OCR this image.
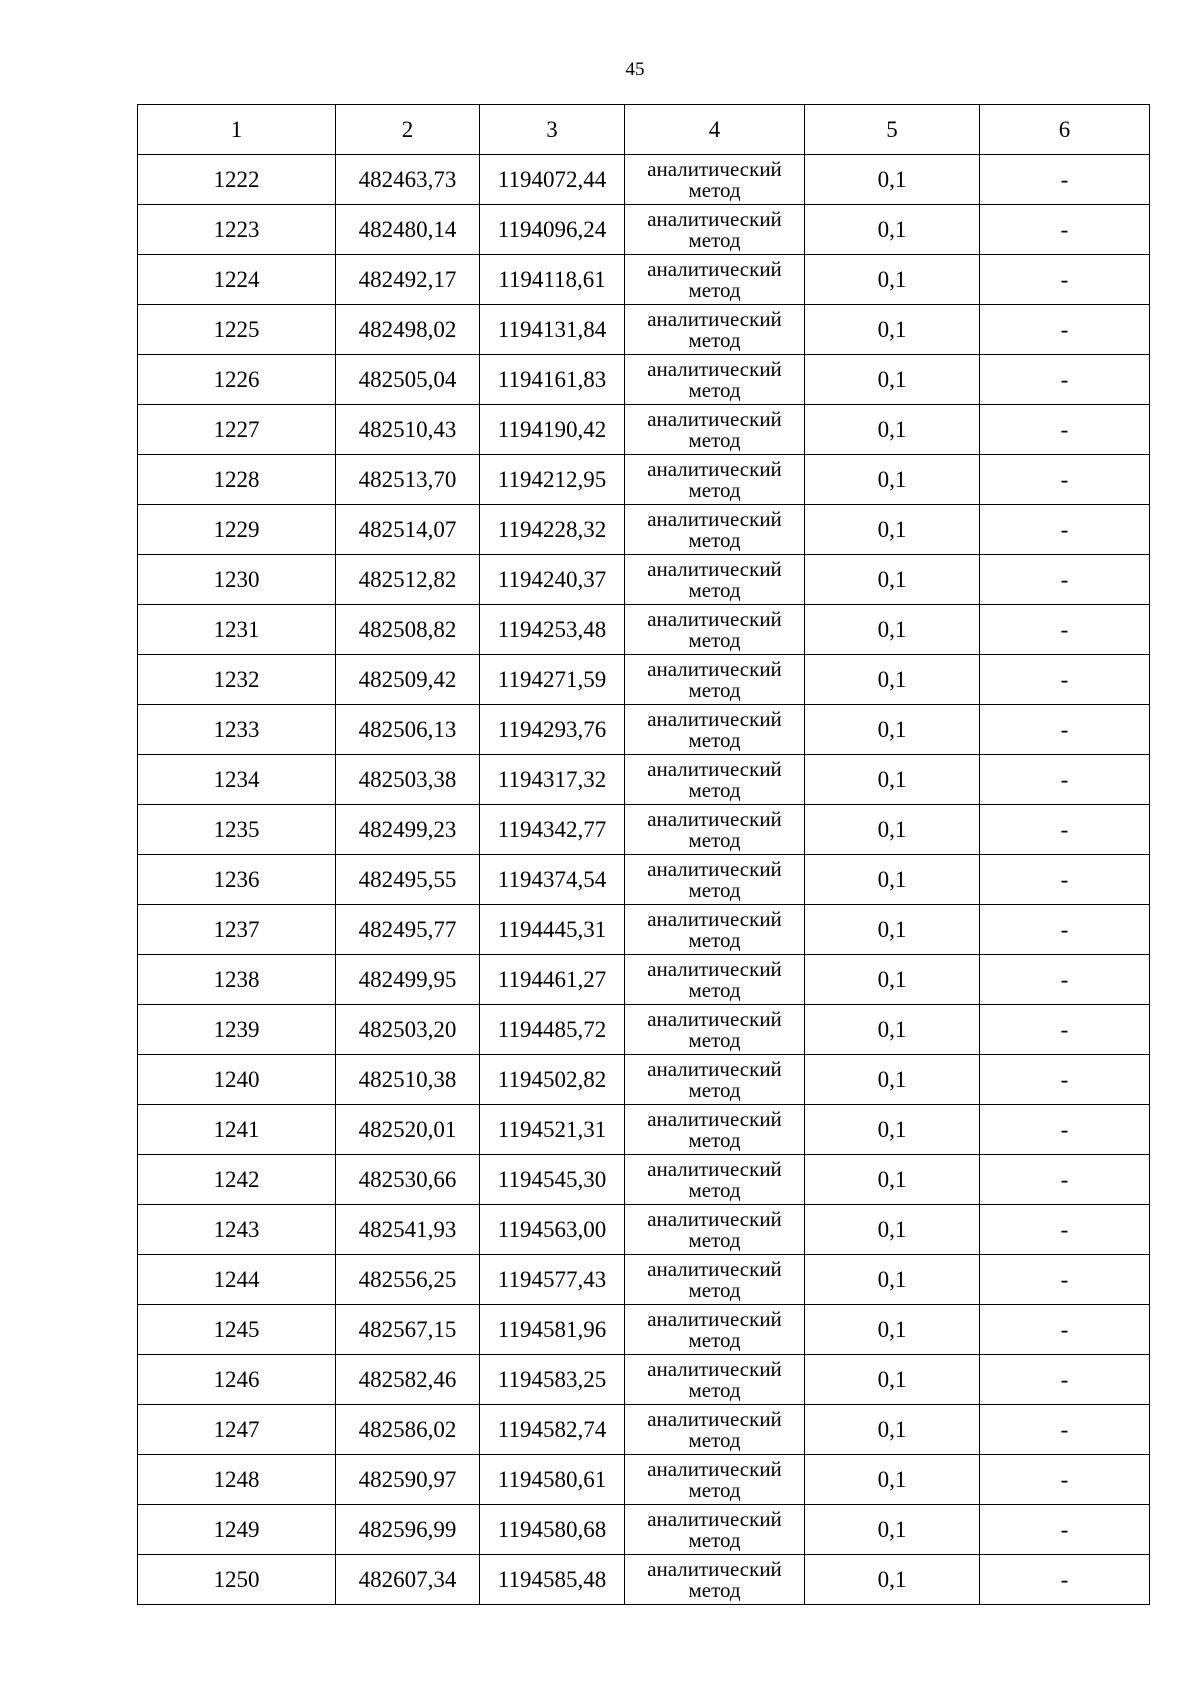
45
1	2	3	4	5	6
1222	482463,73	1194072,44	аналитический метод	0,1	-
1223	482480,14	1194096,24	аналитический метод	0,1	-
1224	482492,17	1194118,61	аналитический метод	0,1	-
1225	482498,02	1194131,84	аналитический метод	0,1	-
1226	482505,04	1194161,83	аналитический метод	0,1	-
1227	482510,43	1194190,42	аналитический метод	0,1	-
1228	482513,70	1194212,95	аналитический метод	0,1	-
1229	482514,07	1194228,32	аналитический метод	0,1	-
1230	482512,82	1194240,37	аналитический метод	0,1	-
1231	482508,82	1194253,48	аналитический метод	0,1	-
1232	482509,42	1194271,59	аналитический метод	0,1	-
1233	482506,13	1194293,76	аналитический метод	0,1	-
1234	482503,38	1194317,32	аналитический метод	0,1	-
1235	482499,23	1194342,77	аналитический метод	0,1	-
1236	482495,55	1194374,54	аналитический метод	0,1	-
1237	482495,77	1194445,31	аналитический метод	0,1	-
1238	482499,95	1194461,27	аналитический метод	0,1	-
1239	482503,20	1194485,72	аналитический метод	0,1	-
1240	482510,38	1194502,82	аналитический метод	0,1	-
1241	482520,01	1194521,31	аналитический метод	0,1	-
1242	482530,66	1194545,30	аналитический метод	0,1	-
1243	482541,93	1194563,00	аналитический метод	0,1	-
1244	482556,25	1194577,43	аналитический метод	0,1	-
1245	482567,15	1194581,96	аналитический метод	0,1	-
1246	482582,46	1194583,25	аналитический метод	0,1	-
1247	482586,02	1194582,74	аналитический метод	0,1	-
1248	482590,97	1194580,61	аналитический метод	0,1	-
1249	482596,99	1194580,68	аналитический метод	0,1	-
1250	482607,34	1194585,48	аналитический метод	0,1	-
